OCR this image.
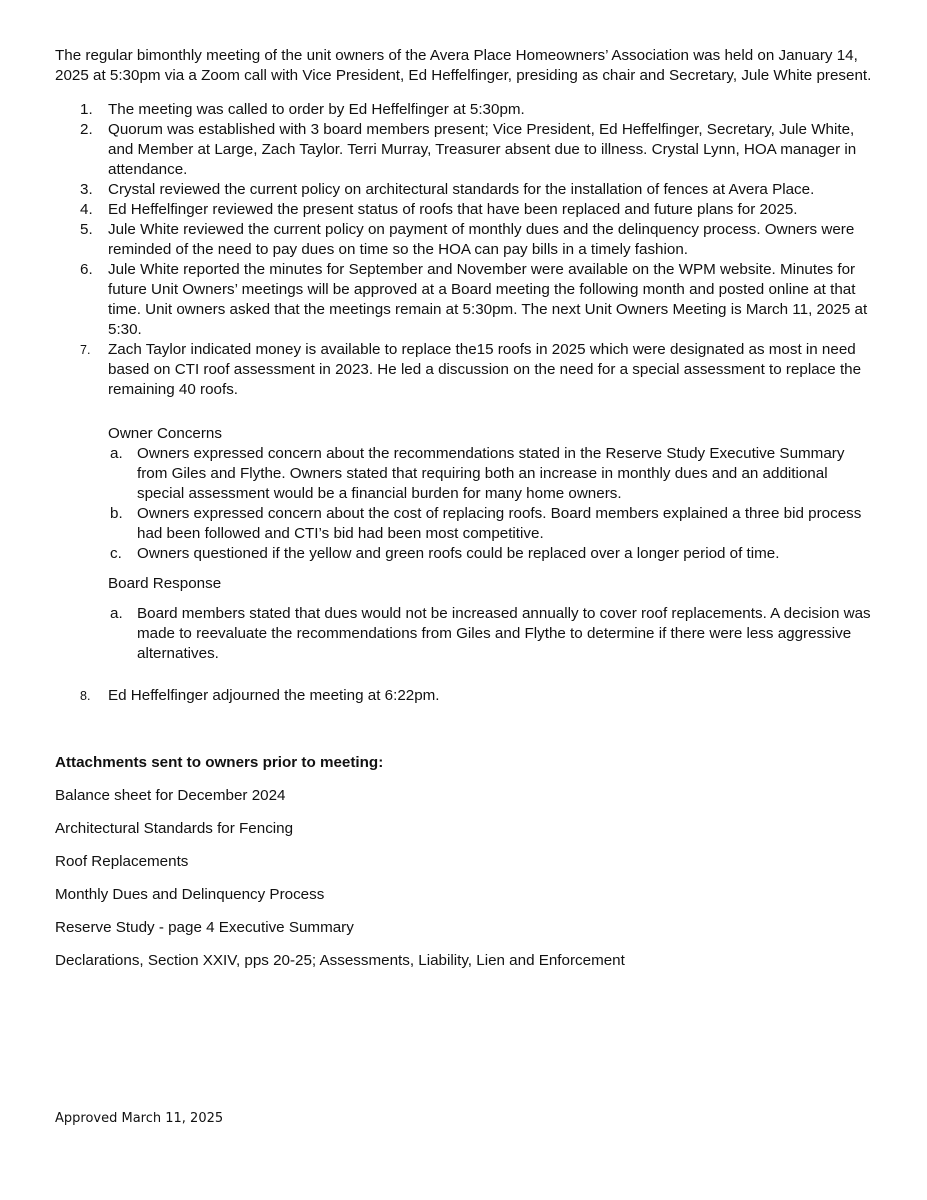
The regular bimonthly meeting of the unit owners of the Avera Place Homeowners’ Association was held on January 14, 2025 at 5:30pm via a Zoom call with Vice President, Ed Heffelfinger, presiding as chair and Secretary, Jule White present.

1. The meeting was called to order by Ed Heffelfinger at 5:30pm.
2. Quorum was established with 3 board members present; Vice President, Ed Heffelfinger, Secretary, Jule White, and Member at Large, Zach Taylor. Terri Murray, Treasurer absent due to illness. Crystal Lynn, HOA manager in attendance.
3. Crystal reviewed the current policy on architectural standards for the installation of fences at Avera Place.
4. Ed Heffelfinger reviewed the present status of roofs that have been replaced and future plans for 2025.
5. Jule White reviewed the current policy on payment of monthly dues and the delinquency process. Owners were reminded of the need to pay dues on time so the HOA can pay bills in a timely fashion.
6. Jule White reported the minutes for September and November were available on the WPM website. Minutes for future Unit Owners’ meetings will be approved at a Board meeting the following month and posted online at that time. Unit owners asked that the meetings remain at 5:30pm. The next Unit Owners Meeting is March 11, 2025 at 5:30.
7. Zach Taylor indicated money is available to replace the15 roofs in 2025 which were designated as most in need based on CTI roof assessment in 2023. He led a discussion on the need for a special assessment to replace the remaining 40 roofs.

Owner Concerns

a. Owners expressed concern about the recommendations stated in the Reserve Study Executive Summary from Giles and Flythe. Owners stated that requiring both an increase in monthly dues and an additional special assessment would be a financial burden for many home owners.
b. Owners expressed concern about the cost of replacing roofs. Board members explained a three bid process had been followed and CTI’s bid had been most competitive.
c. Owners questioned if the yellow and green roofs could be replaced over a longer period of time.

Board Response

a. Board members stated that dues would not be increased annually to cover roof replacements. A decision was made to reevaluate the recommendations from Giles and Flythe to determine if there were less aggressive alternatives.
8. Ed Heffelfinger adjourned the meeting at 6:22pm.

Attachments sent to owners prior to meeting:

Balance sheet for December 2024

Architectural Standards for Fencing

Roof Replacements

Monthly Dues and Delinquency Process

Reserve Study - page 4 Executive Summary

Declarations, Section XXIV, pps 20-25; Assessments, Liability, Lien and Enforcement

Approved March 11, 2025
